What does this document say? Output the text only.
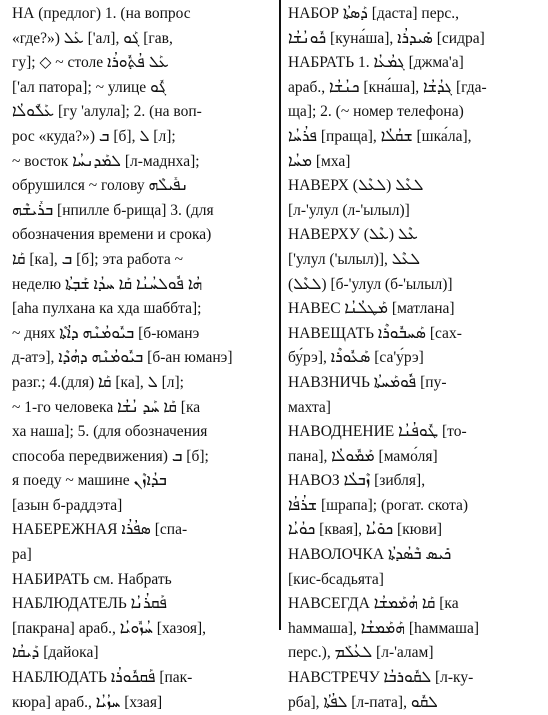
НА (предлог) 1. (на вопрос
«где?») ܥܰܠ ['ал], ܓܰܘ [гав,
гу]; ◇ ~ столе ܥܰܠ ܦܳܬ̣ܽܘܪܳܐ
['ал патора]; ~ улице ܓܽܘ
ܥܰܠܽܘܠܳܐ [гу 'алула]; 2. (на воп-
рос «куда?») ܒ [б], ܠ [л];
~ восток ܠܡܰܕܢܚܳܐ [л-маднха];
обрушился ~ голову ܢܦܺܝܠܶܗ
ܒܪܺܝܫܶܗ [нпилле б-рища] 3. (для
обозначения времени и срока)
ܩܰܐ [ка], ܒ [б]; эта работа ~
неделю ܗܳܐ ܦܽܘܠܚܳܢܳܐ ܩܰܐ ܚܕܳܐ ܫܰܒ̣ܬܳܐ
[аhа пулхана ка хда шаббта];
~ днях ܒܝܽܘܡܳܢܶܗ ܕܐܳܬܶܐ [б-юманэ
д-атэ], ܒܝܽܘܡܳܢܶܗ ܕܗܳܕܶܐ [б-ан юманэ]
разг.; 4.(для) ܩܰܐ [ка], ܠ [л];
~ 1-го человека ܩܰܐ ܚܰܕ ܢܳܫܳܐ [ка
ха наша]; 5. (для обозначения
способа передвижения) ܒ [б];
я поеду ~ машине ܒܕܳܐܙܶܢ
[азын б-раддэта]
НАБЕРЕЖНАЯ ܣܦܳܪܳܐ [спа-
ра]
НАБИРАТЬ см. Набрать
НАБЛЮДАТЕЛЬ ܦܰܩܪܳܢܳܐ
[пакрана] араб., ܚܳܙܽܘܝܳܐ [хазоя],
ܕܰܝܩܳܐ [дайока]
НАБЛЮДАТЬ ܦܰܩܟܽܘܪܳܐ [пак-
кюра] араб., ܚܙܳܝܳܐ [хзая]
НАБОР ܕܰܣܬܳܐ [даста] перс.,
ܟܽܘܢܳܫܳܐ [куна́ша], ܣܺܝܕܪܳܐ [сидра]
НАБРАТЬ 1. ܓܡܳܥܳܐ [джма'а]
араб., ܟܢܳܫܳܐ [кна́ша], ܓܕܳܫܳܐ [гда-
ща]; 2. (~ номер телефона)
ܦܪܳܚܳܐ [праща], ܫܩܳܠܳܐ [шка́ла],
ܡܚܳܐ [мха]
НАВЕРХ ܠܥܶܠ (ܠܥܶܠ)
[л-'улул (л-'ылыл)]
НАВЕРХУ ܥܶܠ (ܥܶܠ)
['улул ('ылыл)], ܠܥܶܠ
(ܠܥܶܠ) [б-'улул (б-'ылыл)]
НАВЕС ܡܰܛܠܳܢܳܐ [матлана]
НАВЕЩАТЬ ܣܰܚܒܽܘܪܶܐ [сах-
бу́рэ], ܣܰܥܽܘܪܶܐ [са'у́рэ]
НАВЗНИЧЬ ܦܽܘܡܰܚܬܳܐ [пу-
махта]
НАВОДНЕНИЕ ܛܽܘܦܳܢܳܐ [то-
пана], ܡܰܡܽܘܠܳܐ [мамо́ля]
НАВОЗ ܙܶܒܠܳܐ [зибля],
ܫܪܳܦܳܐ [шрапа]; (рогат. скота)
ܟܘܳܝܳܐ [квая], ܟܘܺܝܳܐ [кюви]
НАВОЛОЧКА ܟܺܝܣ ܒܶܣܳܕܬܳܐ
[кис-бсадьята]
НАВСЕГДА ܩܰܐ ܗܳܡܰܡܫܳܐ [ка
hаммаша], ܗܰܡܰܡܫܳܐ [hаммаша]
перс.), ܠܥܳܠܰܡ [л-'алам]
НАВСТРЕЧУ ܠܩܽܘܪܒܳܐ [л-ку-
рба], ܠܦܳܬܳܐ [л-пата], ܠܩܽܘ
